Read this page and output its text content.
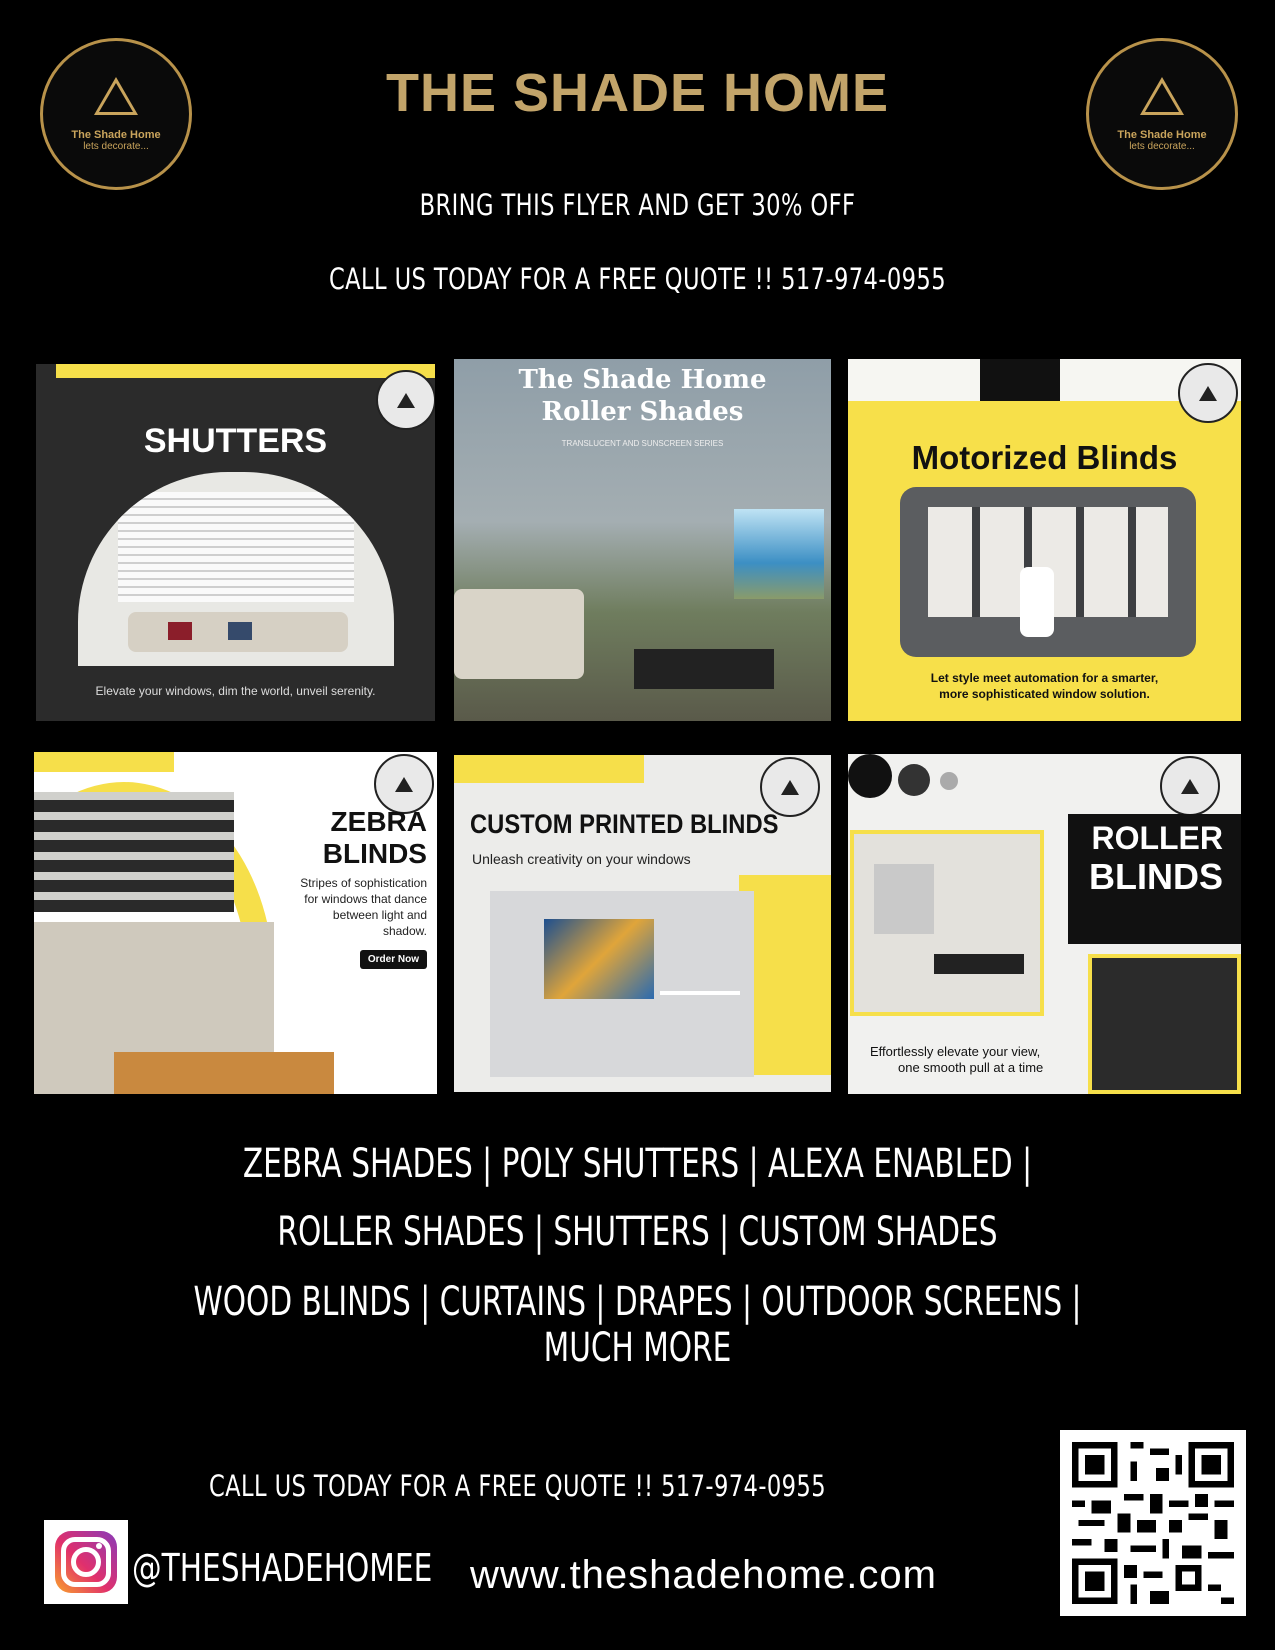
The Shade Home
lets decorate...
The Shade Home
lets decorate...
THE SHADE HOME
BRING THIS FLYER AND GET 30% OFF
CALL US TODAY FOR A FREE QUOTE !! 517-974-0955
SHUTTERS
Elevate your windows, dim the world, unveil serenity.
The Shade Home
Roller Shades
TRANSLUCENT AND SUNSCREEN SERIES	Motorized Blinds
Let style meet automation for a smarter,
more sophisticated window solution.
ZEBRA
BLINDS
Stripes of sophistication
for windows that dance
between light and
shadow.
Order Now
CUSTOM PRINTED BLINDS
Unleash creativity on your windows
ROLLER
BLINDS
Effortlessly elevate your view,
one smooth pull at a time
ZEBRA SHADES | POLY SHUTTERS | ALEXA ENABLED |
ROLLER SHADES | SHUTTERS | CUSTOM SHADES
WOOD BLINDS | CURTAINS | DRAPES | OUTDOOR SCREENS | MUCH MORE
CALL US TODAY FOR A FREE QUOTE !! 517-974-0955
@THESHADEHOMEE www.theshadehome.com
